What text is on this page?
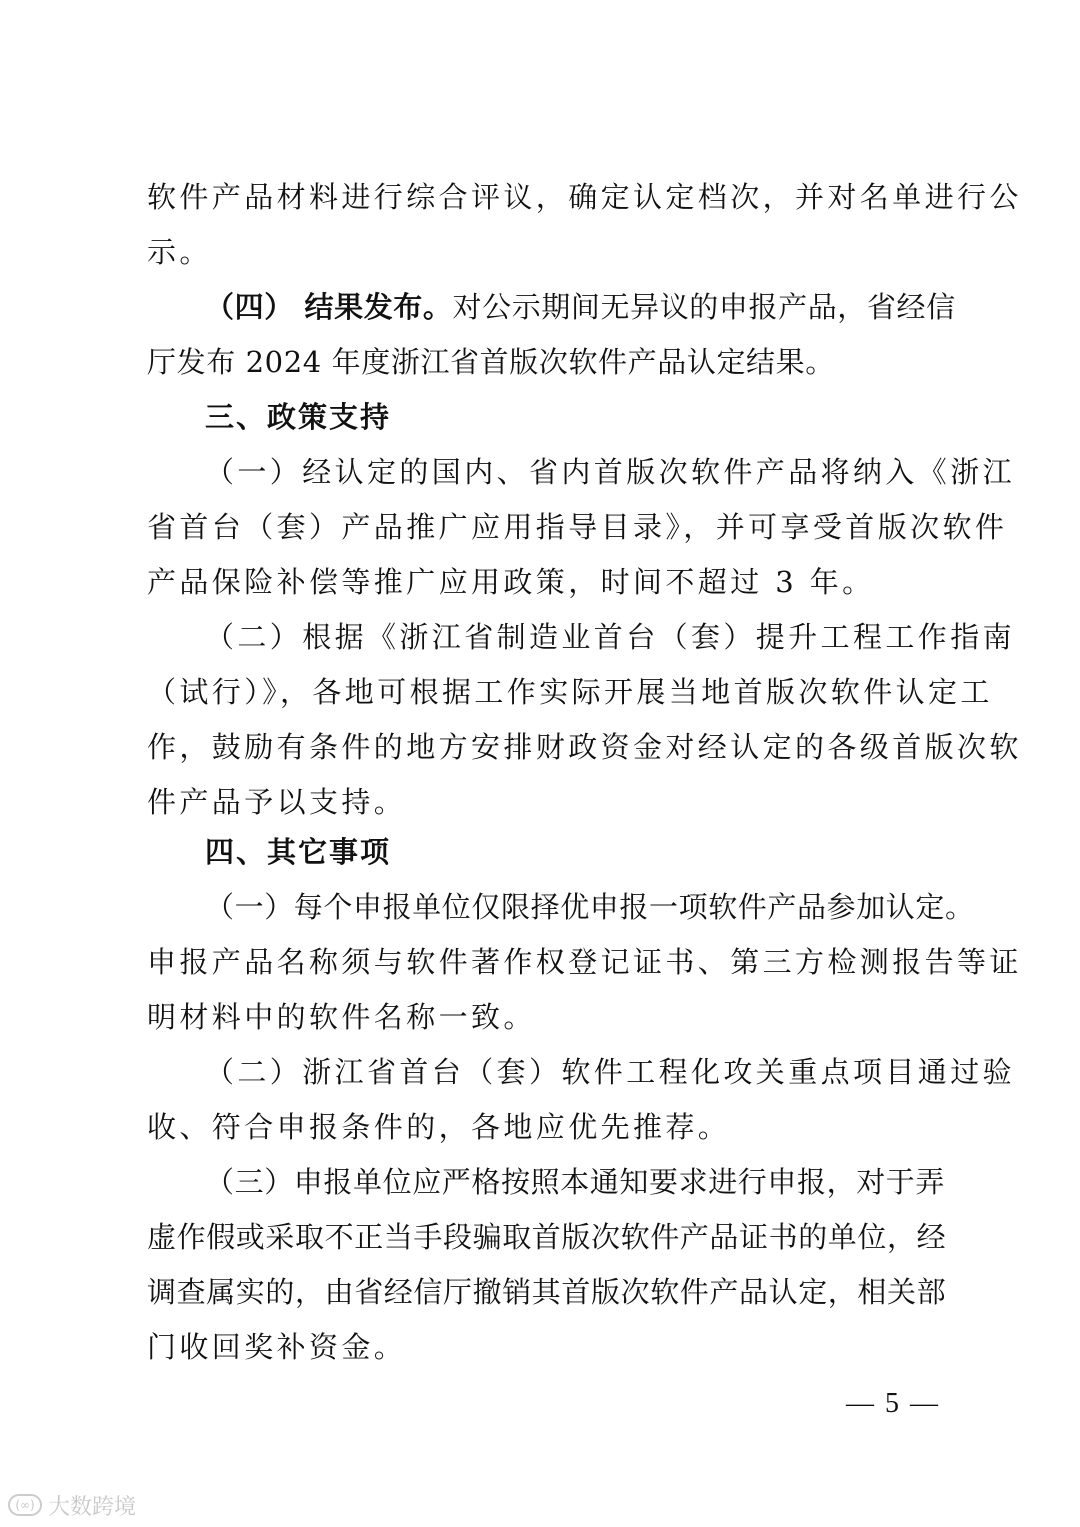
软件产品材料进行综合评议，确定认定档次，并对名单进行公
示。
（四） 结果发布。对公示期间无异议的申报产品，省经信
厅发布 2024 年度浙江省首版次软件产品认定结果。
三、政策支持
（一）经认定的国内、省内首版次软件产品将纳入《浙江
省首台（套）产品推广应用指导目录》，并可享受首版次软件
产品保险补偿等推广应用政策，时间不超过 3 年。
（二）根据《浙江省制造业首台（套）提升工程工作指南
（试行）》，各地可根据工作实际开展当地首版次软件认定工
作，鼓励有条件的地方安排财政资金对经认定的各级首版次软
件产品予以支持。
四、其它事项
（一）每个申报单位仅限择优申报一项软件产品参加认定。
申报产品名称须与软件著作权登记证书、第三方检测报告等证
明材料中的软件名称一致。
（二）浙江省首台（套）软件工程化攻关重点项目通过验
收、符合申报条件的，各地应优先推荐。
（三）申报单位应严格按照本通知要求进行申报，对于弄
虚作假或采取不正当手段骗取首版次软件产品证书的单位，经
调查属实的，由省经信厅撤销其首版次软件产品认定，相关部
门收回奖补资金。
— 5 —
(∞) 大数跨境
